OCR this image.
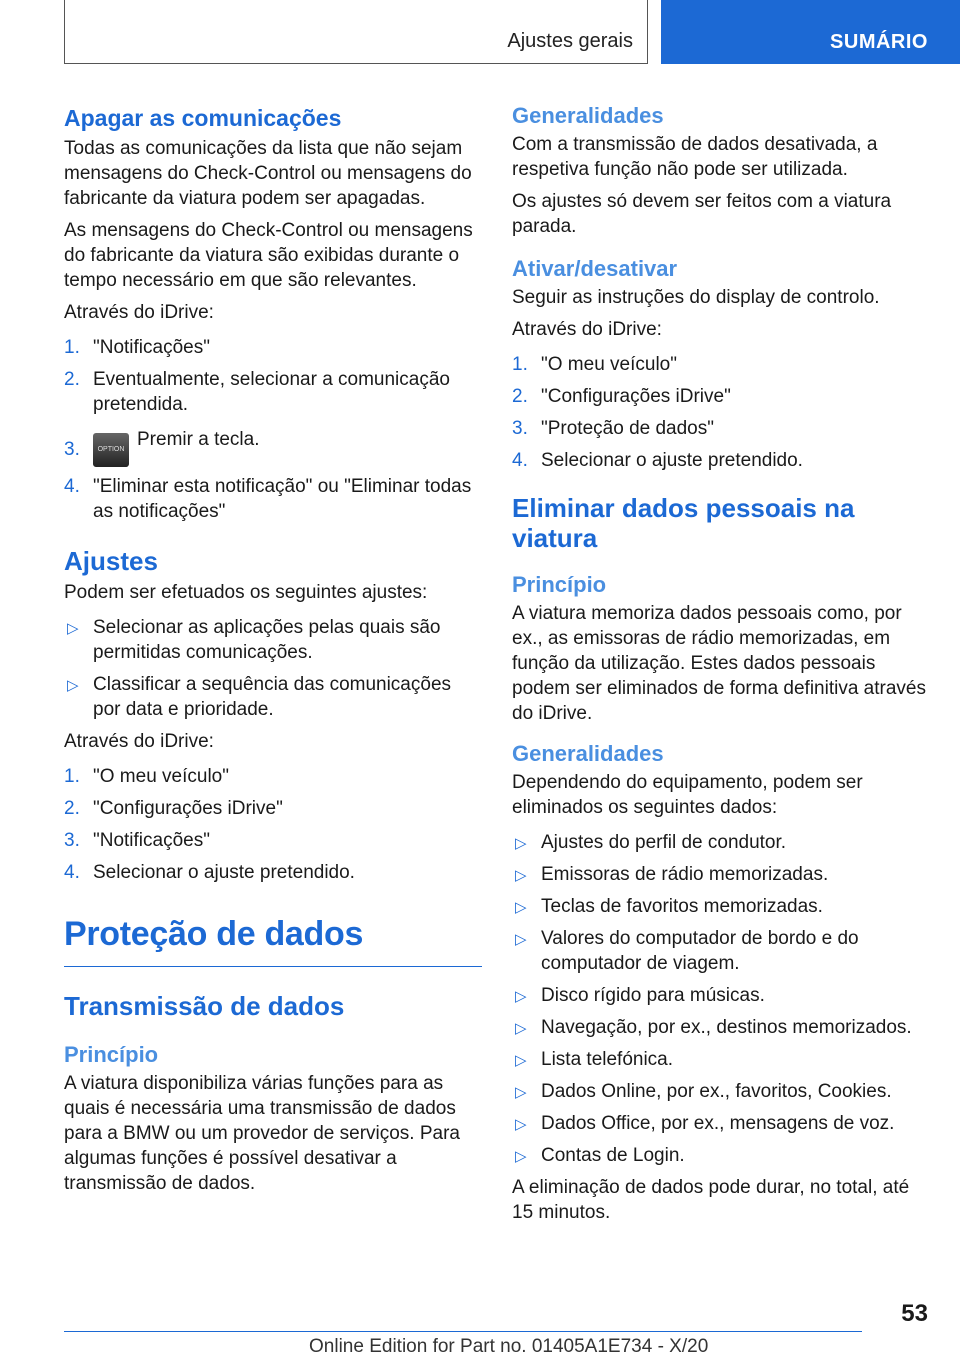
Ajustes gerais	SUMÁRIO
Apagar as comunicações

Todas as comunicações da lista que não sejam mensagens do Check-Control ou mensagens do fabricante da viatura podem ser apagadas.

As mensagens do Check-Control ou mensagens do fabricante da viatura são exibidas durante o tempo necessário em que são relevantes.

Através do iDrive:

1. "Notificações"
2. Eventualmente, selecionar a comunicação pretendida.
3.	OPTION Premir a tecla.
4. "Eliminar esta notificação" ou "Eliminar todas as notificações"
Ajustes

Podem ser efetuados os seguintes ajustes:

▷ Selecionar as aplicações pelas quais são permitidas comunicações.
▷ Classificar a sequência das comunicações por data e prioridade.

Através do iDrive:

1. "O meu veículo"
2. "Configurações iDrive"
3. "Notificações"
4. Selecionar o ajuste pretendido.
Proteção de dados
Transmissão de dados
Princípio

A viatura disponibiliza várias funções para as quais é necessária uma transmissão de dados para a BMW ou um provedor de serviços. Para algumas funções é possível desativar a transmissão de dados.

Generalidades

Com a transmissão de dados desativada, a respetiva função não pode ser utilizada.

Os ajustes só devem ser feitos com a viatura parada.

Ativar/desativar

Seguir as instruções do display de controlo.

Através do iDrive:

1. "O meu veículo"
2. "Configurações iDrive"
3. "Proteção de dados"
4. Selecionar o ajuste pretendido.
Eliminar dados pessoais na viatura
Princípio

A viatura memoriza dados pessoais como, por ex., as emissoras de rádio memorizadas, em função da utilização. Estes dados pessoais podem ser eliminados de forma definitiva através do iDrive.

Generalidades

Dependendo do equipamento, podem ser eliminados os seguintes dados:

▷ Ajustes do perfil de condutor.
▷ Emissoras de rádio memorizadas.
▷ Teclas de favoritos memorizadas.
▷ Valores do computador de bordo e do computador de viagem.
▷ Disco rígido para músicas.
▷ Navegação, por ex., destinos memorizados.
▷ Lista telefónica.
▷ Dados Online, por ex., favoritos, Cookies.
▷ Dados Office, por ex., mensagens de voz.
▷ Contas de Login.

A eliminação de dados pode durar, no total, até 15 minutos.

53
Online Edition for Part no. 01405A1E734 - X/20
